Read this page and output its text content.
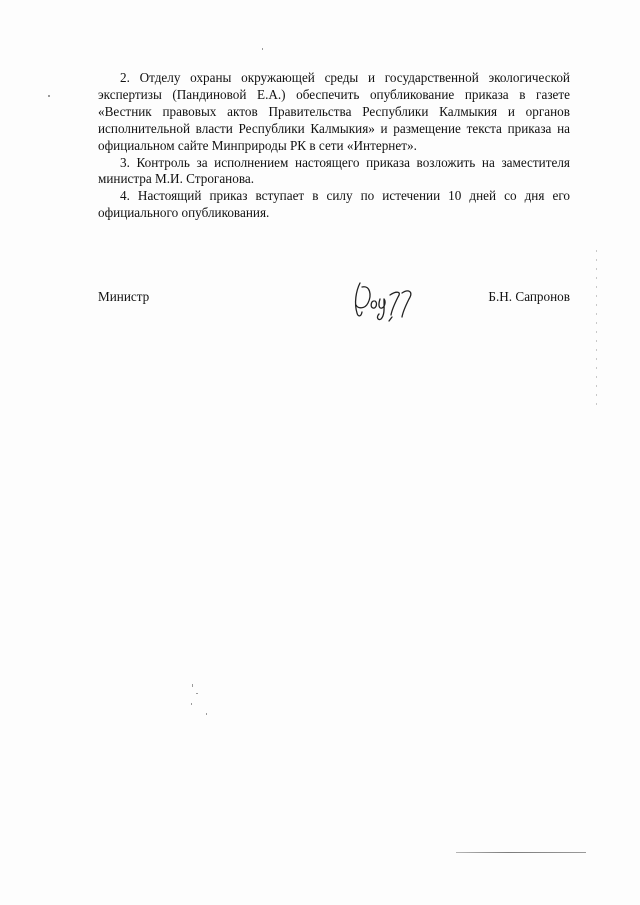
2. Отделу охраны окружающей среды и государственной экологической экспертизы (Пандиновой Е.А.) обеспечить опубликование приказа в газете «Вестник правовых актов Правительства Республики Калмыкия и органов исполнительной власти Республики Калмыкия» и размещение текста приказа на официальном сайте Минприроды РК в сети «Интернет».

3. Контроль за исполнением настоящего приказа возложить на заместителя министра М.И. Строганова.

4. Настоящий приказ вступает в силу по истечении 10 дней со дня его официального опубликования.

Министр	Б.Н. Сапронов
